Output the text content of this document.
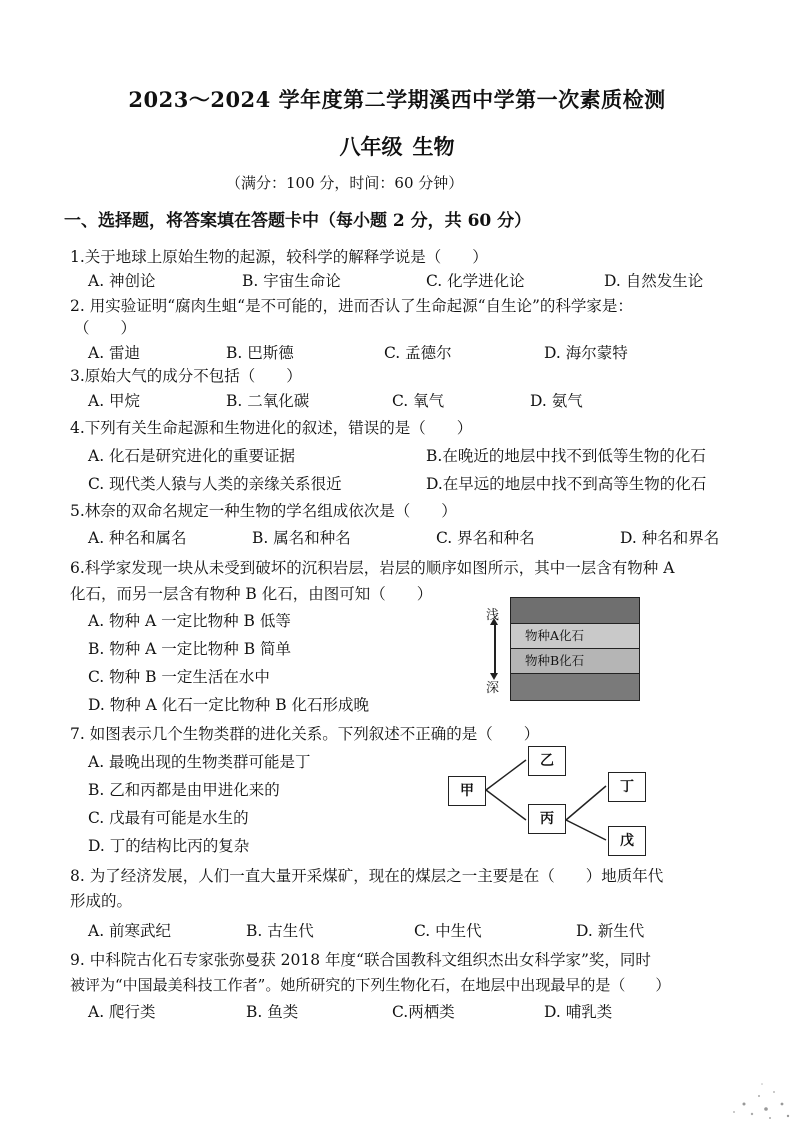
2023～2024 学年度第二学期溪西中学第一次素质检测
八年级 生物
（满分：100 分，时间：60 分钟）
一、选择题，将答案填在答题卡中（每小题 2 分，共 60 分）
1.关于地球上原始生物的起源，较科学的解释学说是（　　）
A. 神创论	B. 宇宙生命论	C. 化学进化论	D. 自然发生论
2. 用实验证明“腐肉生蛆“是不可能的，进而否认了生命起源“自生论”的科学家是：
（　　）
A. 雷迪	B. 巴斯德	C. 孟德尔	D. 海尔蒙特
3.原始大气的成分不包括（　　）
A. 甲烷	B. 二氧化碳	C. 氧气	D. 氨气
4.下列有关生命起源和生物进化的叙述，错误的是（　　）
A. 化石是研究进化的重要证据	B.在晚近的地层中找不到低等生物的化石
C. 现代类人猿与人类的亲缘关系很近	D.在早远的地层中找不到高等生物的化石
5.林奈的双命名规定一种生物的学名组成依次是（　　）
A. 种名和属名	B. 属名和种名	C. 界名和种名	D. 种名和界名
6.科学家发现一块从未受到破坏的沉积岩层，岩层的顺序如图所示，其中一层含有物种 A
化石，而另一层含有物种 B 化石，由图可知（　　）
A. 物种 A 一定比物种 B 低等
B. 物种 A 一定比物种 B 简单
C. 物种 B 一定生活在水中
D. 物种 A 化石一定比物种 B 化石形成晚
浅
深
物种A化石
物种B化石
7. 如图表示几个生物类群的进化关系。下列叙述不正确的是（　　）
A. 最晚出现的生物类群可能是丁
B. 乙和丙都是由甲进化来的
C. 戊最有可能是水生的
D. 丁的结构比丙的复杂
甲
乙
丙
丁
戊
8. 为了经济发展，人们一直大量开采煤矿，现在的煤层之一主要是在（　　）地质年代
形成的。
A. 前寒武纪	B. 古生代	C. 中生代	D. 新生代
9. 中科院古化石专家张弥曼获 2018 年度“联合国教科文组织杰出女科学家”奖，同时
被评为“中国最美科技工作者”。她所研究的下列生物化石，在地层中出现最早的是（　　）
A. 爬行类	B. 鱼类	C.两栖类	D. 哺乳类
